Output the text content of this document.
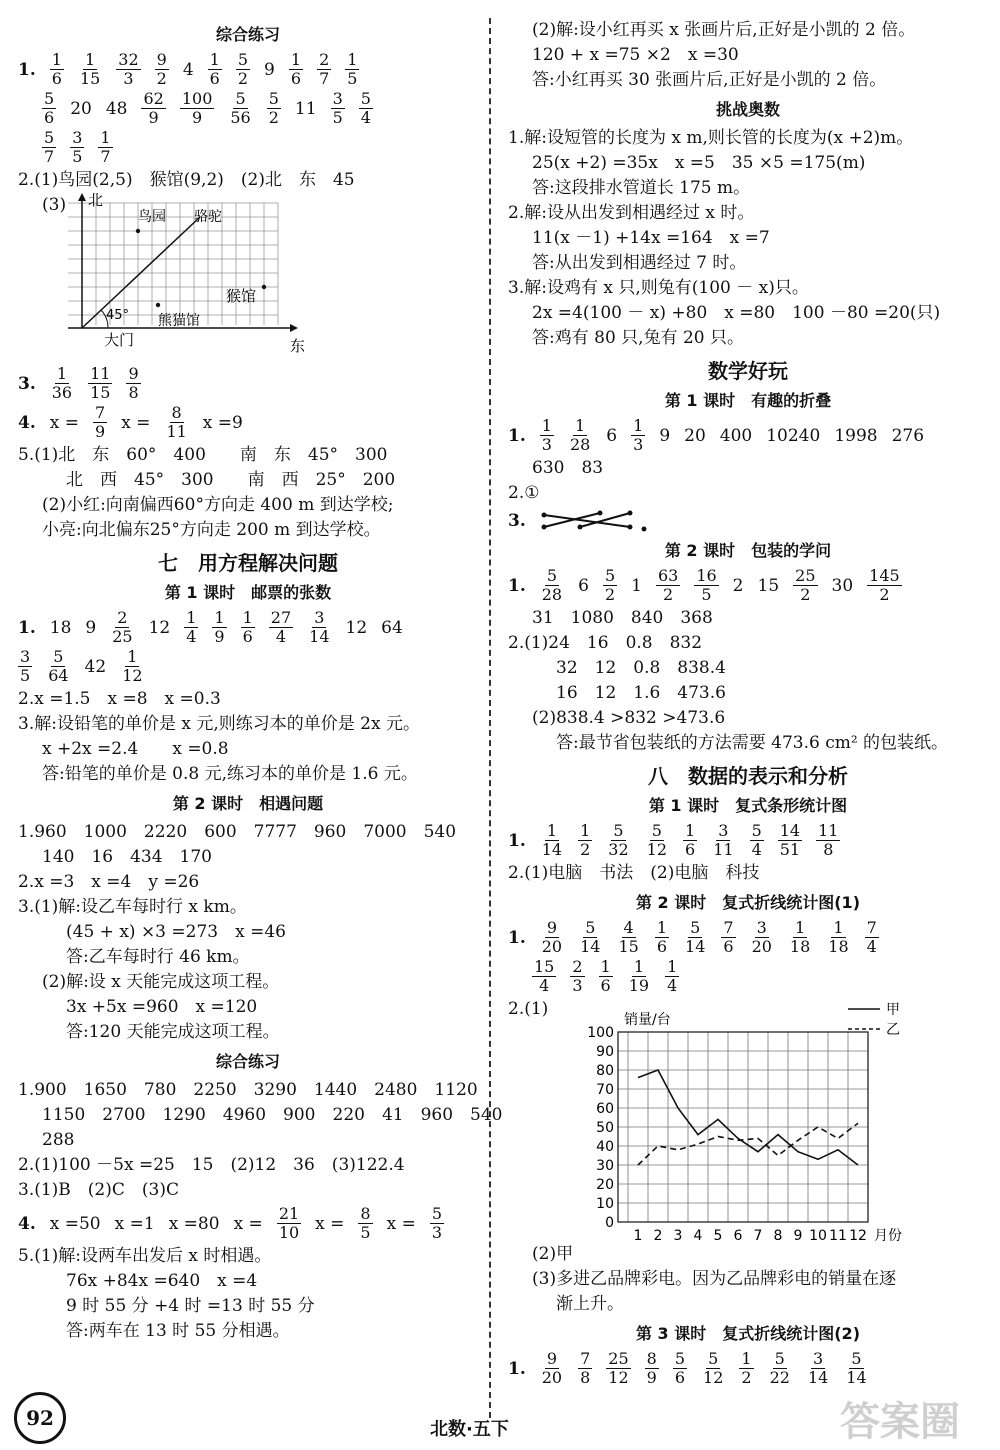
综合练习
1. $\frac{1}{6} \frac{1}{15} \frac{32}{3} \frac{9}{2} 4 \frac{1}{6} \frac{5}{2} 9 \frac{1}{6} \frac{2}{7} \frac{1}{5}$
$\frac{5}{6} 20$ $48 \frac{62}{9} \frac{100}{9} \frac{5}{56} \frac{5}{2} 11 \frac{3}{5} \frac{5}{4}$
$\frac{5}{7} \frac{3}{5} \frac{1}{7}$
2.(1)鸟园(2,5)　猴馆(9,2)　(2)北　东　45
(3) 北
鸟园 骆驼
猴馆
熊猫馆
45°
大门	东
3. $\frac{1}{36} \frac{11}{15} \frac{9}{8}$
4. $x = \frac{7}{9}$ $x = \frac{8}{11}$ x =9
5.(1)北　东　60°　400　　南　东　45°　300
北　西　45°　300　　南　西　25°　200
(2)小红:向南偏西60°方向走 400 m 到达学校;
小亮:向北偏东25°方向走 200 m 到达学校。
七　用方程解决问题
第 1 课时　邮票的张数
1. 18 $9 \frac{2}{25} 12 \frac{1}{4} \frac{1}{9} \frac{1}{6} \frac{27}{4} \frac{3}{14} 12$ 64
$\frac{3}{5} \frac{5}{64} 42 \frac{1}{12}$
2.x =1.5　x =8　x =0.3
3.解:设铅笔的单价是 x 元,则练习本的单价是 2x 元。
x +2x =2.4　　x =0.8
答:铅笔的单价是 0.8 元,练习本的单价是 1.6 元。
第 2 课时　相遇问题
1.960　1000　2220　600　7777　960　7000　540
140　16　434　170
2.x =3　x =4　y =26
3.(1)解:设乙车每时行 x km。
(45 + x) ×3 =273　x =46
答:乙车每时行 46 km。
(2)解:设 x 天能完成这项工程。
3x +5x =960　x =120
答:120 天能完成这项工程。
综合练习
1.900　1650　780　2250　3290　1440　2480　1120
1150　2700　1290　4960　900　220　41　960　540
288
2.(1)100 －5x =25　15　(2)12　36　(3)122.4
3.(1)B　(2)C　(3)C
4. x =50 x =1 x =80 $x = \frac{21}{10}$ $x = \frac{8}{5}$ $x = \frac{5}{3}$
5.(1)解:设两车出发后 x 时相遇。
76x +84x =640　x =4
9 时 55 分 +4 时 =13 时 55 分
答:两车在 13 时 55 分相遇。
(2)解:设小红再买 x 张画片后,正好是小凯的 2 倍。
120 + x =75 ×2　x =30
答:小红再买 30 张画片后,正好是小凯的 2 倍。
挑战奥数
1.解:设短管的长度为 x m,则长管的长度为(x +2)m。
25(x +2) =35x　x =5　35 ×5 =175(m)
答:这段排水管道长 175 m。
2.解:设从出发到相遇经过 x 时。
11(x －1) +14x =164　x =7
答:从出发到相遇经过 7 时。
3.解:设鸡有 x 只,则兔有(100 － x)只。
2x =4(100 － x) +80　x =80　100 －80 =20(只)
答:鸡有 80 只,兔有 20 只。
数学好玩
第 1 课时　有趣的折叠
1. $\frac{1}{3} \frac{1}{28} 6 \frac{1}{3} 9$ 20 400 10240 1998 276
630　83
2.①
3.
第 2 课时　包装的学问
1. $\frac{5}{28} 6 \frac{5}{2} 1 \frac{63}{2} \frac{16}{5} 2$ $15 \frac{25}{2} 30 \frac{145}{2}$
31　1080　840　368
2.(1)24　16　0.8　832
32　12　0.8　838.4
16　12　1.6　473.6
(2)838.4 >832 >473.6
答:最节省包装纸的方法需要 473.6 cm² 的包装纸。
八　数据的表示和分析
第 1 课时　复式条形统计图
1. $\frac{1}{14} \frac{1}{2} \frac{5}{32} \frac{5}{12} \frac{1}{6} \frac{3}{11} \frac{5}{4} \frac{14}{51} \frac{11}{8}$
2.(1)电脑　书法　(2)电脑　科技
第 2 课时　复式折线统计图(1)
1. $\frac{9}{20} \frac{5}{14} \frac{4}{15} \frac{1}{6} \frac{5}{14} \frac{7}{6} \frac{3}{20} \frac{1}{18} \frac{1}{18} \frac{7}{4}$
$\frac{15}{4} \frac{2}{3} \frac{1}{6} \frac{1}{19} \frac{1}{4}$
2.(1)
0
10
20
30
40
50
60
70
80
90
100
1 2 3 4 5 6 7 8 9 10 11 12 月份
销量/台
甲
乙
(2)甲
(3)多进乙品牌彩电。因为乙品牌彩电的销量在逐
渐上升。
第 3 课时　复式折线统计图(2)
1. $\frac{9}{20} \frac{7}{8} \frac{25}{12} \frac{8}{9} \frac{5}{6} \frac{5}{12} \frac{1}{2} \frac{5}{22} \frac{3}{14} \frac{5}{14}$
92	北数·五下	答案圈
